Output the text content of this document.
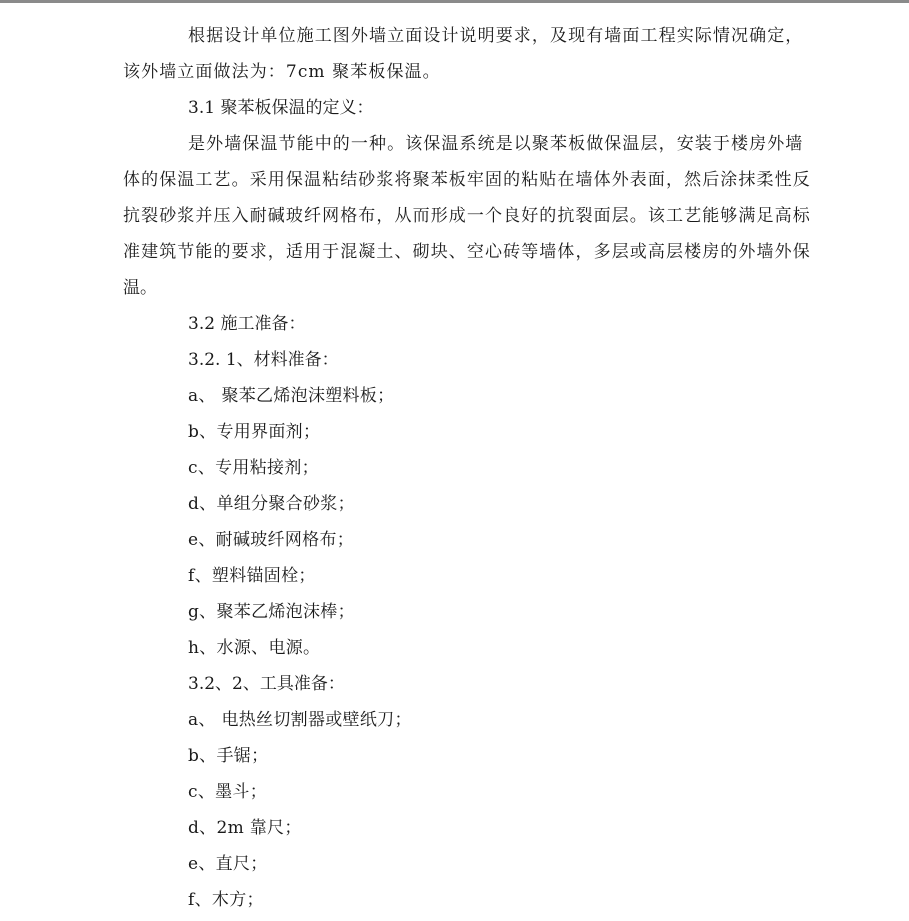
根据设计单位施工图外墙立面设计说明要求，及现有墙面工程实际情况确定，
该外墙立面做法为：7cm 聚苯板保温。
3.1 聚苯板保温的定义：
是外墙保温节能中的一种。该保温系统是以聚苯板做保温层，安装于楼房外墙
体的保温工艺。采用保温粘结砂浆将聚苯板牢固的粘贴在墙体外表面，然后涂抹柔性反
抗裂砂浆并压入耐碱玻纤网格布，从而形成一个良好的抗裂面层。该工艺能够满足高标
准建筑节能的要求，适用于混凝土、砌块、空心砖等墙体，多层或高层楼房的外墙外保
温。
3.2 施工准备：
3.2. 1、材料准备：
a、 聚苯乙烯泡沫塑料板；
b、专用界面剂；
c、专用粘接剂；
d、单组分聚合砂浆；
e、耐碱玻纤网格布；
f、塑料锚固栓；
g、聚苯乙烯泡沫棒；
h、水源、电源。
3.2、2、工具准备：
a、 电热丝切割器或壁纸刀；
b、手锯；
c、墨斗；
d、2m 靠尺；
e、直尺；
f、木方；
